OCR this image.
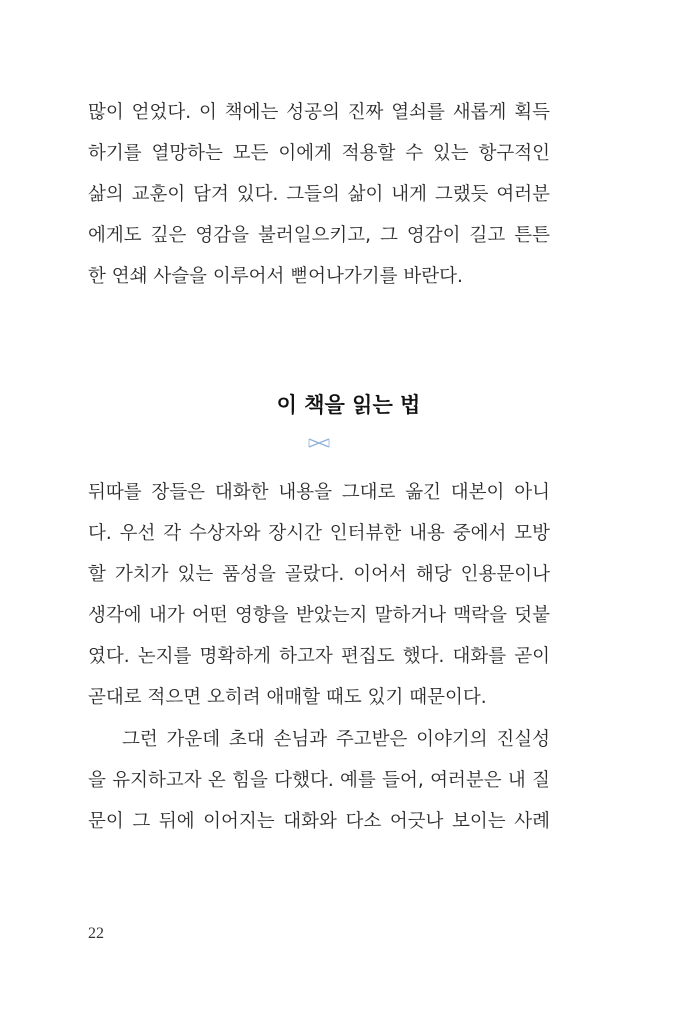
많이 얻었다. 이 책에는 성공의 진짜 열쇠를 새롭게 획득
하기를 열망하는 모든 이에게 적용할 수 있는 항구적인
삶의 교훈이 담겨 있다. 그들의 삶이 내게 그랬듯 여러분
에게도 깊은 영감을 불러일으키고, 그 영감이 길고 튼튼
한 연쇄 사슬을 이루어서 뻗어나가기를 바란다.
이 책을 읽는 법
뒤따를 장들은 대화한 내용을 그대로 옮긴 대본이 아니
다. 우선 각 수상자와 장시간 인터뷰한 내용 중에서 모방
할 가치가 있는 품성을 골랐다. 이어서 해당 인용문이나
생각에 내가 어떤 영향을 받았는지 말하거나 맥락을 덧붙
였다. 논지를 명확하게 하고자 편집도 했다. 대화를 곧이
곧대로 적으면 오히려 애매할 때도 있기 때문이다.
그런 가운데 초대 손님과 주고받은 이야기의 진실성
을 유지하고자 온 힘을 다했다. 예를 들어, 여러분은 내 질
문이 그 뒤에 이어지는 대화와 다소 어긋나 보이는 사례
22
